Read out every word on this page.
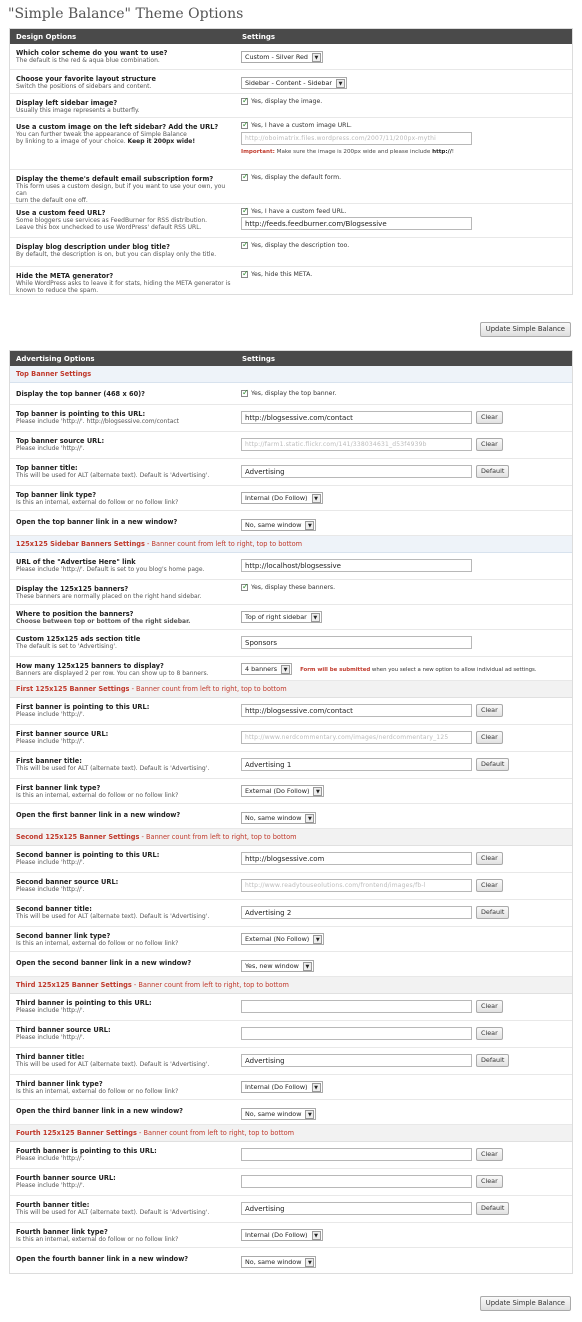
"Simple Balance" Theme Options
Design Options	Settings
Which color scheme do you want to use?
The default is the red & aqua blue combination.	Custom - Silver Red	▼
Choose your favorite layout structure
Switch the positions of sidebars and content.	Sidebar - Content - Sidebar	▼
Display left sidebar image?
Usually this image represents a butterfly.
✓Yes, display the image.
Use a custom image on the left sidebar? Add the URL?
You can further tweak the appearance of Simple Balance
by linking to a image of your choice. Keep it 200px wide!
✓Yes, I have a custom image URL.
http://oboimatrix.files.wordpress.com/2007/11/200px-mythi
Important: Make sure the image is 200px wide and please include http://!
Display the theme's default email subscription form?
This form uses a custom design, but if you want to use your own, you can
turn the default one off.
✓Yes, display the default form.
Use a custom feed URL?
Some bloggers use services as FeedBurner for RSS distribution.
Leave this box unchecked to use WordPress' default RSS URL.
✓Yes, I have a custom feed URL.
http://feeds.feedburner.com/Blogsessive
Display blog description under blog title?
By default, the description is on, but you can display only the title.
✓Yes, display the description too.
Hide the META generator?
While WordPress asks to leave it for stats, hiding the META generator is
known to reduce the spam.
✓Yes, hide this META.
Update Simple Balance
Advertising Options	Settings
Top Banner Settings
Display the top banner (468 x 60)?
✓	Yes, display the top banner.
Top banner is pointing to this URL:
Please include 'http://'. http://blogsessive.com/contact	http://blogsessive.com/contact	Clear
Top banner source URL:
Please include 'http://'.
http://farm1.static.flickr.com/141/338034631_d53f4939b	Clear
Top banner title:
This will be used for ALT (alternate text). Default is 'Advertising'.	Advertising	Default
Top banner link type?
Is this an internal, external do follow or no follow link?
Internal (Do Follow)	▼
Open the top banner link in a new window?	No, same window	▼
125x125 Sidebar Banners Settings - Banner count from left to right, top to bottom
URL of the "Advertise Here" link
Please include 'http://'. Default is set to you blog's home page.	http://localhost/blogsessive
Display the 125x125 banners?
These banners are normally placed on the right hand sidebar.
✓Yes, display these banners.
Where to position the banners?
Choose between top or bottom of the right sidebar.
Top of right sidebar	▼
Custom 125x125 ads section title
The default is set to 'Advertising'.	Sponsors
How many 125x125 banners to display?
Banners are displayed 2 per row. You can show up to 8 banners.
4 banners	▼	Form will be submitted when you select a new option to allow individual ad settings.
First 125x125 Banner Settings - Banner count from left to right, top to bottom
First banner is pointing to this URL:
Please include 'http://'.	http://blogsessive.com/contact	Clear
First banner source URL:
Please include 'http://'.
http://www.nerdcommentary.com/images/nerdcommentary_125	Clear
First banner title:
This will be used for ALT (alternate text). Default is 'Advertising'.	Advertising 1	Default
First banner link type?
Is this an internal, external do follow or no follow link?
External (Do Follow)	▼
Open the first banner link in a new window?	No, same window	▼
Second 125x125 Banner Settings - Banner count from left to right, top to bottom
Second banner is pointing to this URL:
Please include 'http://'.	http://blogsessive.com	Clear
Second banner source URL:
Please include 'http://'.
http://www.readytouseolutions.com/frontend/images/fb-l	Clear
Second banner title:
This will be used for ALT (alternate text). Default is 'Advertising'.	Advertising 2	Default
Second banner link type?
Is this an internal, external do follow or no follow link?
External (No Follow)	▼
Open the second banner link in a new window?	Yes, new window	▼
Third 125x125 Banner Settings - Banner count from left to right, top to bottom
Third banner is pointing to this URL:
Please include 'http://'.
Clear
Third banner source URL:
Please include 'http://'.
Clear
Third banner title:
This will be used for ALT (alternate text). Default is 'Advertising'.	Advertising	Default
Third banner link type?
Is this an internal, external do follow or no follow link?
Internal (Do Follow)	▼
Open the third banner link in a new window?	No, same window	▼
Fourth 125x125 Banner Settings - Banner count from left to right, top to bottom
Fourth banner is pointing to this URL:
Please include 'http://'.
Clear
Fourth banner source URL:
Please include 'http://'.
Clear
Fourth banner title:
This will be used for ALT (alternate text). Default is 'Advertising'.	Advertising	Default
Fourth banner link type?
Is this an internal, external do follow or no follow link?
Internal (Do Follow)	▼
Open the fourth banner link in a new window?	No, same window	▼
Update Simple Balance
